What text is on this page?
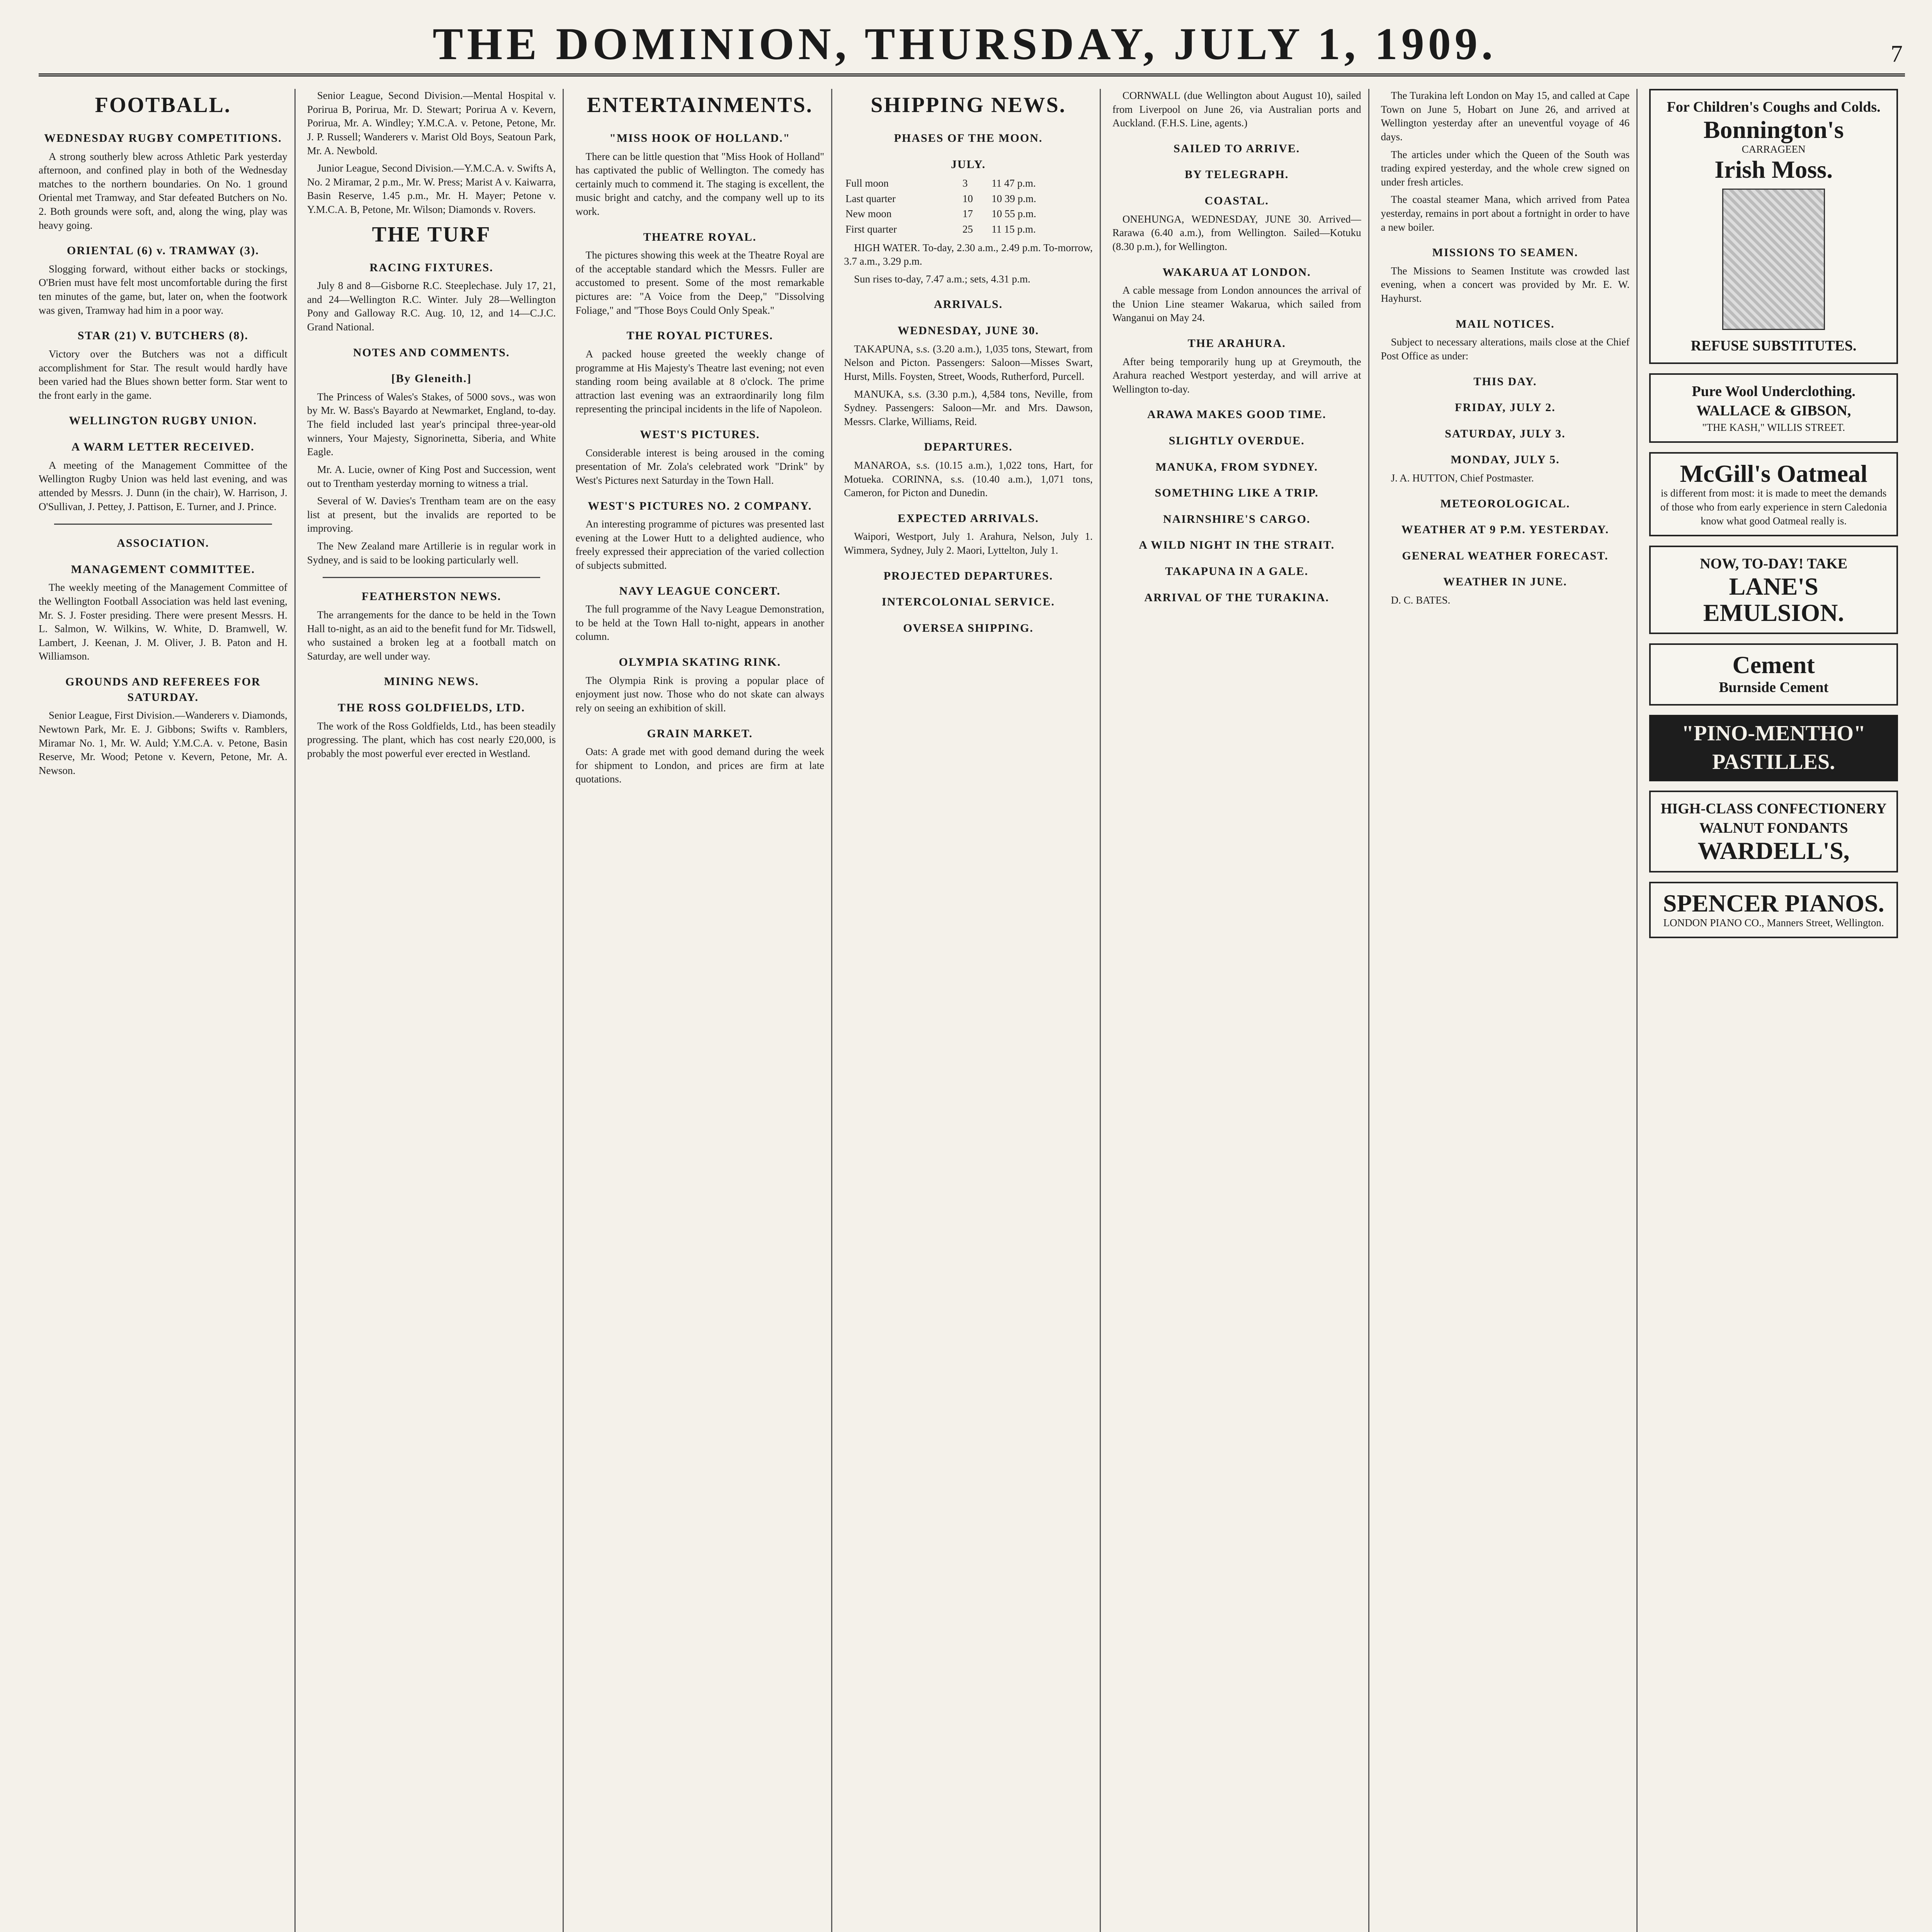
THE DOMINION, THURSDAY, JULY 1, 1909.	7
FOOTBALL.
WEDNESDAY RUGBY COMPETITIONS.

A strong southerly blew across Athletic Park yesterday afternoon, and confined play in both of the Wednesday matches to the northern boundaries. On No. 1 ground Oriental met Tramway, and Star defeated Butchers on No. 2. Both grounds were soft, and, along the wing, play was heavy going.

ORIENTAL (6) v. TRAMWAY (3).

Slogging forward, without either backs or stockings, O'Brien must have felt most uncomfortable during the first ten minutes of the game, but, later on, when the footwork was given, Tramway had him in a poor way.

STAR (21) V. BUTCHERS (8).

Victory over the Butchers was not a difficult accomplishment for Star. The result would hardly have been varied had the Blues shown better form. Star went to the front early in the game.

WELLINGTON RUGBY UNION.
A WARM LETTER RECEIVED.

A meeting of the Management Committee of the Wellington Rugby Union was held last evening, and was attended by Messrs. J. Dunn (in the chair), W. Harrison, J. O'Sullivan, J. Pettey, J. Pattison, E. Turner, and J. Prince.

ASSOCIATION.
MANAGEMENT COMMITTEE.

The weekly meeting of the Management Committee of the Wellington Football Association was held last evening, Mr. S. J. Foster presiding. There were present Messrs. H. L. Salmon, W. Wilkins, W. White, D. Bramwell, W. Lambert, J. Keenan, J. M. Oliver, J. B. Paton and H. Williamson.

GROUNDS AND REFEREES FOR SATURDAY.

Senior League, First Division.—Wanderers v. Diamonds, Newtown Park, Mr. E. J. Gibbons; Swifts v. Ramblers, Miramar No. 1, Mr. W. Auld; Y.M.C.A. v. Petone, Basin Reserve, Mr. Wood; Petone v. Kevern, Petone, Mr. A. Newson.

Senior League, Second Division.—Mental Hospital v. Porirua B, Porirua, Mr. D. Stewart; Porirua A v. Kevern, Porirua, Mr. A. Windley; Y.M.C.A. v. Petone, Petone, Mr. J. P. Russell; Wanderers v. Marist Old Boys, Seatoun Park, Mr. A. Newbold.

Junior League, Second Division.—Y.M.C.A. v. Swifts A, No. 2 Miramar, 2 p.m., Mr. W. Press; Marist A v. Kaiwarra, Basin Reserve, 1.45 p.m., Mr. H. Mayer; Petone v. Y.M.C.A. B, Petone, Mr. Wilson; Diamonds v. Rovers.

THE TURF
RACING FIXTURES.

July 8 and 8—Gisborne R.C. Steeplechase. July 17, 21, and 24—Wellington R.C. Winter. July 28—Wellington Pony and Galloway R.C. Aug. 10, 12, and 14—C.J.C. Grand National.

NOTES AND COMMENTS.
[By Gleneith.]

The Princess of Wales's Stakes, of 5000 sovs., was won by Mr. W. Bass's Bayardo at Newmarket, England, to-day. The field included last year's principal three-year-old winners, Your Majesty, Signorinetta, Siberia, and White Eagle.

Mr. A. Lucie, owner of King Post and Succession, went out to Trentham yesterday morning to witness a trial.

Several of W. Davies's Trentham team are on the easy list at present, but the invalids are reported to be improving.

The New Zealand mare Artillerie is in regular work in Sydney, and is said to be looking particularly well.

FEATHERSTON NEWS.

The arrangements for the dance to be held in the Town Hall to-night, as an aid to the benefit fund for Mr. Tidswell, who sustained a broken leg at a football match on Saturday, are well under way.

MINING NEWS.
THE ROSS GOLDFIELDS, LTD.

The work of the Ross Goldfields, Ltd., has been steadily progressing. The plant, which has cost nearly £20,000, is probably the most powerful ever erected in Westland.

ENTERTAINMENTS.
"MISS HOOK OF HOLLAND."

There can be little question that "Miss Hook of Holland" has captivated the public of Wellington. The comedy has certainly much to commend it. The staging is excellent, the music bright and catchy, and the company well up to its work.

THEATRE ROYAL.

The pictures showing this week at the Theatre Royal are of the acceptable standard which the Messrs. Fuller are accustomed to present. Some of the most remarkable pictures are: "A Voice from the Deep," "Dissolving Foliage," and "Those Boys Could Only Speak."

THE ROYAL PICTURES.

A packed house greeted the weekly change of programme at His Majesty's Theatre last evening; not even standing room being available at 8 o'clock. The prime attraction last evening was an extraordinarily long film representing the principal incidents in the life of Napoleon.

WEST'S PICTURES.

Considerable interest is being aroused in the coming presentation of Mr. Zola's celebrated work "Drink" by West's Pictures next Saturday in the Town Hall.

WEST'S PICTURES NO. 2 COMPANY.

An interesting programme of pictures was presented last evening at the Lower Hutt to a delighted audience, who freely expressed their appreciation of the varied collection of subjects submitted.

NAVY LEAGUE CONCERT.

The full programme of the Navy League Demonstration, to be held at the Town Hall to-night, appears in another column.

OLYMPIA SKATING RINK.

The Olympia Rink is proving a popular place of enjoyment just now. Those who do not skate can always rely on seeing an exhibition of skill.

GRAIN MARKET.

Oats: A grade met with good demand during the week for shipment to London, and prices are firm at late quotations.

SHIPPING NEWS.
PHASES OF THE MOON.
JULY.
Full moon	3	11 47 p.m.
Last quarter	10	10 39 p.m.
New moon	17	10 55 p.m.
First quarter	25	11 15 p.m.

HIGH WATER. To-day, 2.30 a.m., 2.49 p.m. To-morrow, 3.7 a.m., 3.29 p.m.

Sun rises to-day, 7.47 a.m.; sets, 4.31 p.m.

ARRIVALS.
WEDNESDAY, JUNE 30.

TAKAPUNA, s.s. (3.20 a.m.), 1,035 tons, Stewart, from Nelson and Picton. Passengers: Saloon—Misses Swart, Hurst, Mills. Foysten, Street, Woods, Rutherford, Purcell.

MANUKA, s.s. (3.30 p.m.), 4,584 tons, Neville, from Sydney. Passengers: Saloon—Mr. and Mrs. Dawson, Messrs. Clarke, Williams, Reid.

DEPARTURES.

MANAROA, s.s. (10.15 a.m.), 1,022 tons, Hart, for Motueka. CORINNA, s.s. (10.40 a.m.), 1,071 tons, Cameron, for Picton and Dunedin.

EXPECTED ARRIVALS.

Waipori, Westport, July 1. Arahura, Nelson, July 1. Wimmera, Sydney, July 2. Maori, Lyttelton, July 1.

PROJECTED DEPARTURES.
INTERCOLONIAL SERVICE.
OVERSEA SHIPPING.

CORNWALL (due Wellington about August 10), sailed from Liverpool on June 26, via Australian ports and Auckland. (F.H.S. Line, agents.)

SAILED TO ARRIVE.
BY TELEGRAPH.
COASTAL.

ONEHUNGA, WEDNESDAY, JUNE 30. Arrived—Rarawa (6.40 a.m.), from Wellington. Sailed—Kotuku (8.30 p.m.), for Wellington.

WAKARUA AT LONDON.

A cable message from London announces the arrival of the Union Line steamer Wakarua, which sailed from Wanganui on May 24.

THE ARAHURA.

After being temporarily hung up at Greymouth, the Arahura reached Westport yesterday, and will arrive at Wellington to-day.

ARAWA MAKES GOOD TIME.
SLIGHTLY OVERDUE.
MANUKA, FROM SYDNEY.
SOMETHING LIKE A TRIP.
NAIRNSHIRE'S CARGO.
A WILD NIGHT IN THE STRAIT.
TAKAPUNA IN A GALE.
ARRIVAL OF THE TURAKINA.

The Turakina left London on May 15, and called at Cape Town on June 5, Hobart on June 26, and arrived at Wellington yesterday after an uneventful voyage of 46 days.

The articles under which the Queen of the South was trading expired yesterday, and the whole crew signed on under fresh articles.

The coastal steamer Mana, which arrived from Patea yesterday, remains in port about a fortnight in order to have a new boiler.

MISSIONS TO SEAMEN.

The Missions to Seamen Institute was crowded last evening, when a concert was provided by Mr. E. W. Hayhurst.

MAIL NOTICES.

Subject to necessary alterations, mails close at the Chief Post Office as under:

THIS DAY.
FRIDAY, JULY 2.
SATURDAY, JULY 3.
MONDAY, JULY 5.

J. A. HUTTON, Chief Postmaster.

METEOROLOGICAL.
WEATHER AT 9 P.M. YESTERDAY.
GENERAL WEATHER FORECAST.
WEATHER IN JUNE.

D. C. BATES.

For Children's Coughs and Colds.
Bonnington's
CARRAGEEN
Irish Moss.
REFUSE SUBSTITUTES.
Pure Wool Underclothing.
WALLACE & GIBSON,
"THE KASH," WILLIS STREET.
McGill's Oatmeal
is different from most: it is made to meet the demands of those who from early experience in stern Caledonia know what good Oatmeal really is.
NOW, TO-DAY! TAKE
LANE'S EMULSION.
Cement
Burnside Cement
"PINO-MENTHO"
PASTILLES.
HIGH-CLASS CONFECTIONERY
WALNUT FONDANTS
WARDELL'S,
SPENCER PIANOS.
LONDON PIANO CO., Manners Street, Wellington.
